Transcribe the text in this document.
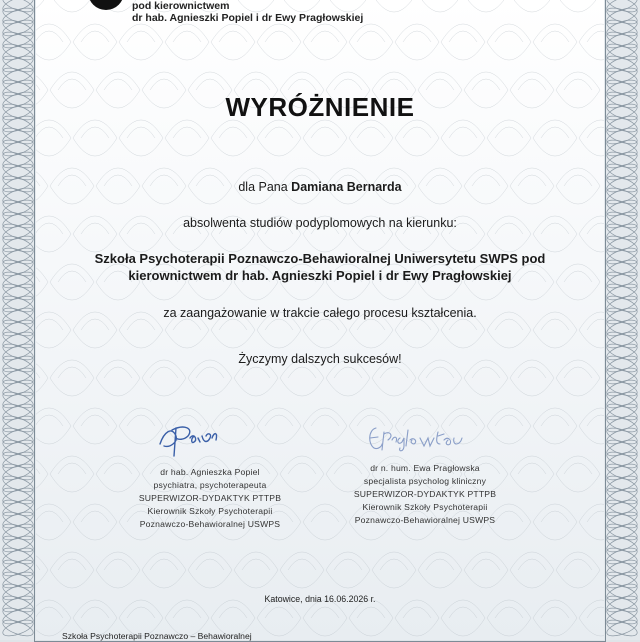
pod kierownictwem
dr hab. Agnieszki Popiel i dr Ewy Pragłowskiej
WYRÓŻNIENIE
dla Pana Damiana Bernarda
absolwenta studiów podyplomowych na kierunku:
Szkoła Psychoterapii Poznawczo-Behawioralnej Uniwersytetu SWPS pod
kierownictwem dr hab. Agnieszki Popiel i dr Ewy Pragłowskiej
za zaangażowanie w trakcie całego procesu kształcenia.
Życzymy dalszych sukcesów!
dr hab. Agnieszka Popiel
psychiatra, psychoterapeuta
SUPERWIZOR-DYDAKTYK PTTPB
Kierownik Szkoły Psychoterapii
Poznawczo-Behawioralnej USWPS
dr n. hum. Ewa Pragłowska
specjalista psycholog kliniczny
SUPERWIZOR-DYDAKTYK PTTPB
Kierownik Szkoły Psychoterapii
Poznawczo-Behawioralnej USWPS
Katowice, dnia 16.06.2026 r.
Szkoła Psychoterapii Poznawczo – Behawioralnej
